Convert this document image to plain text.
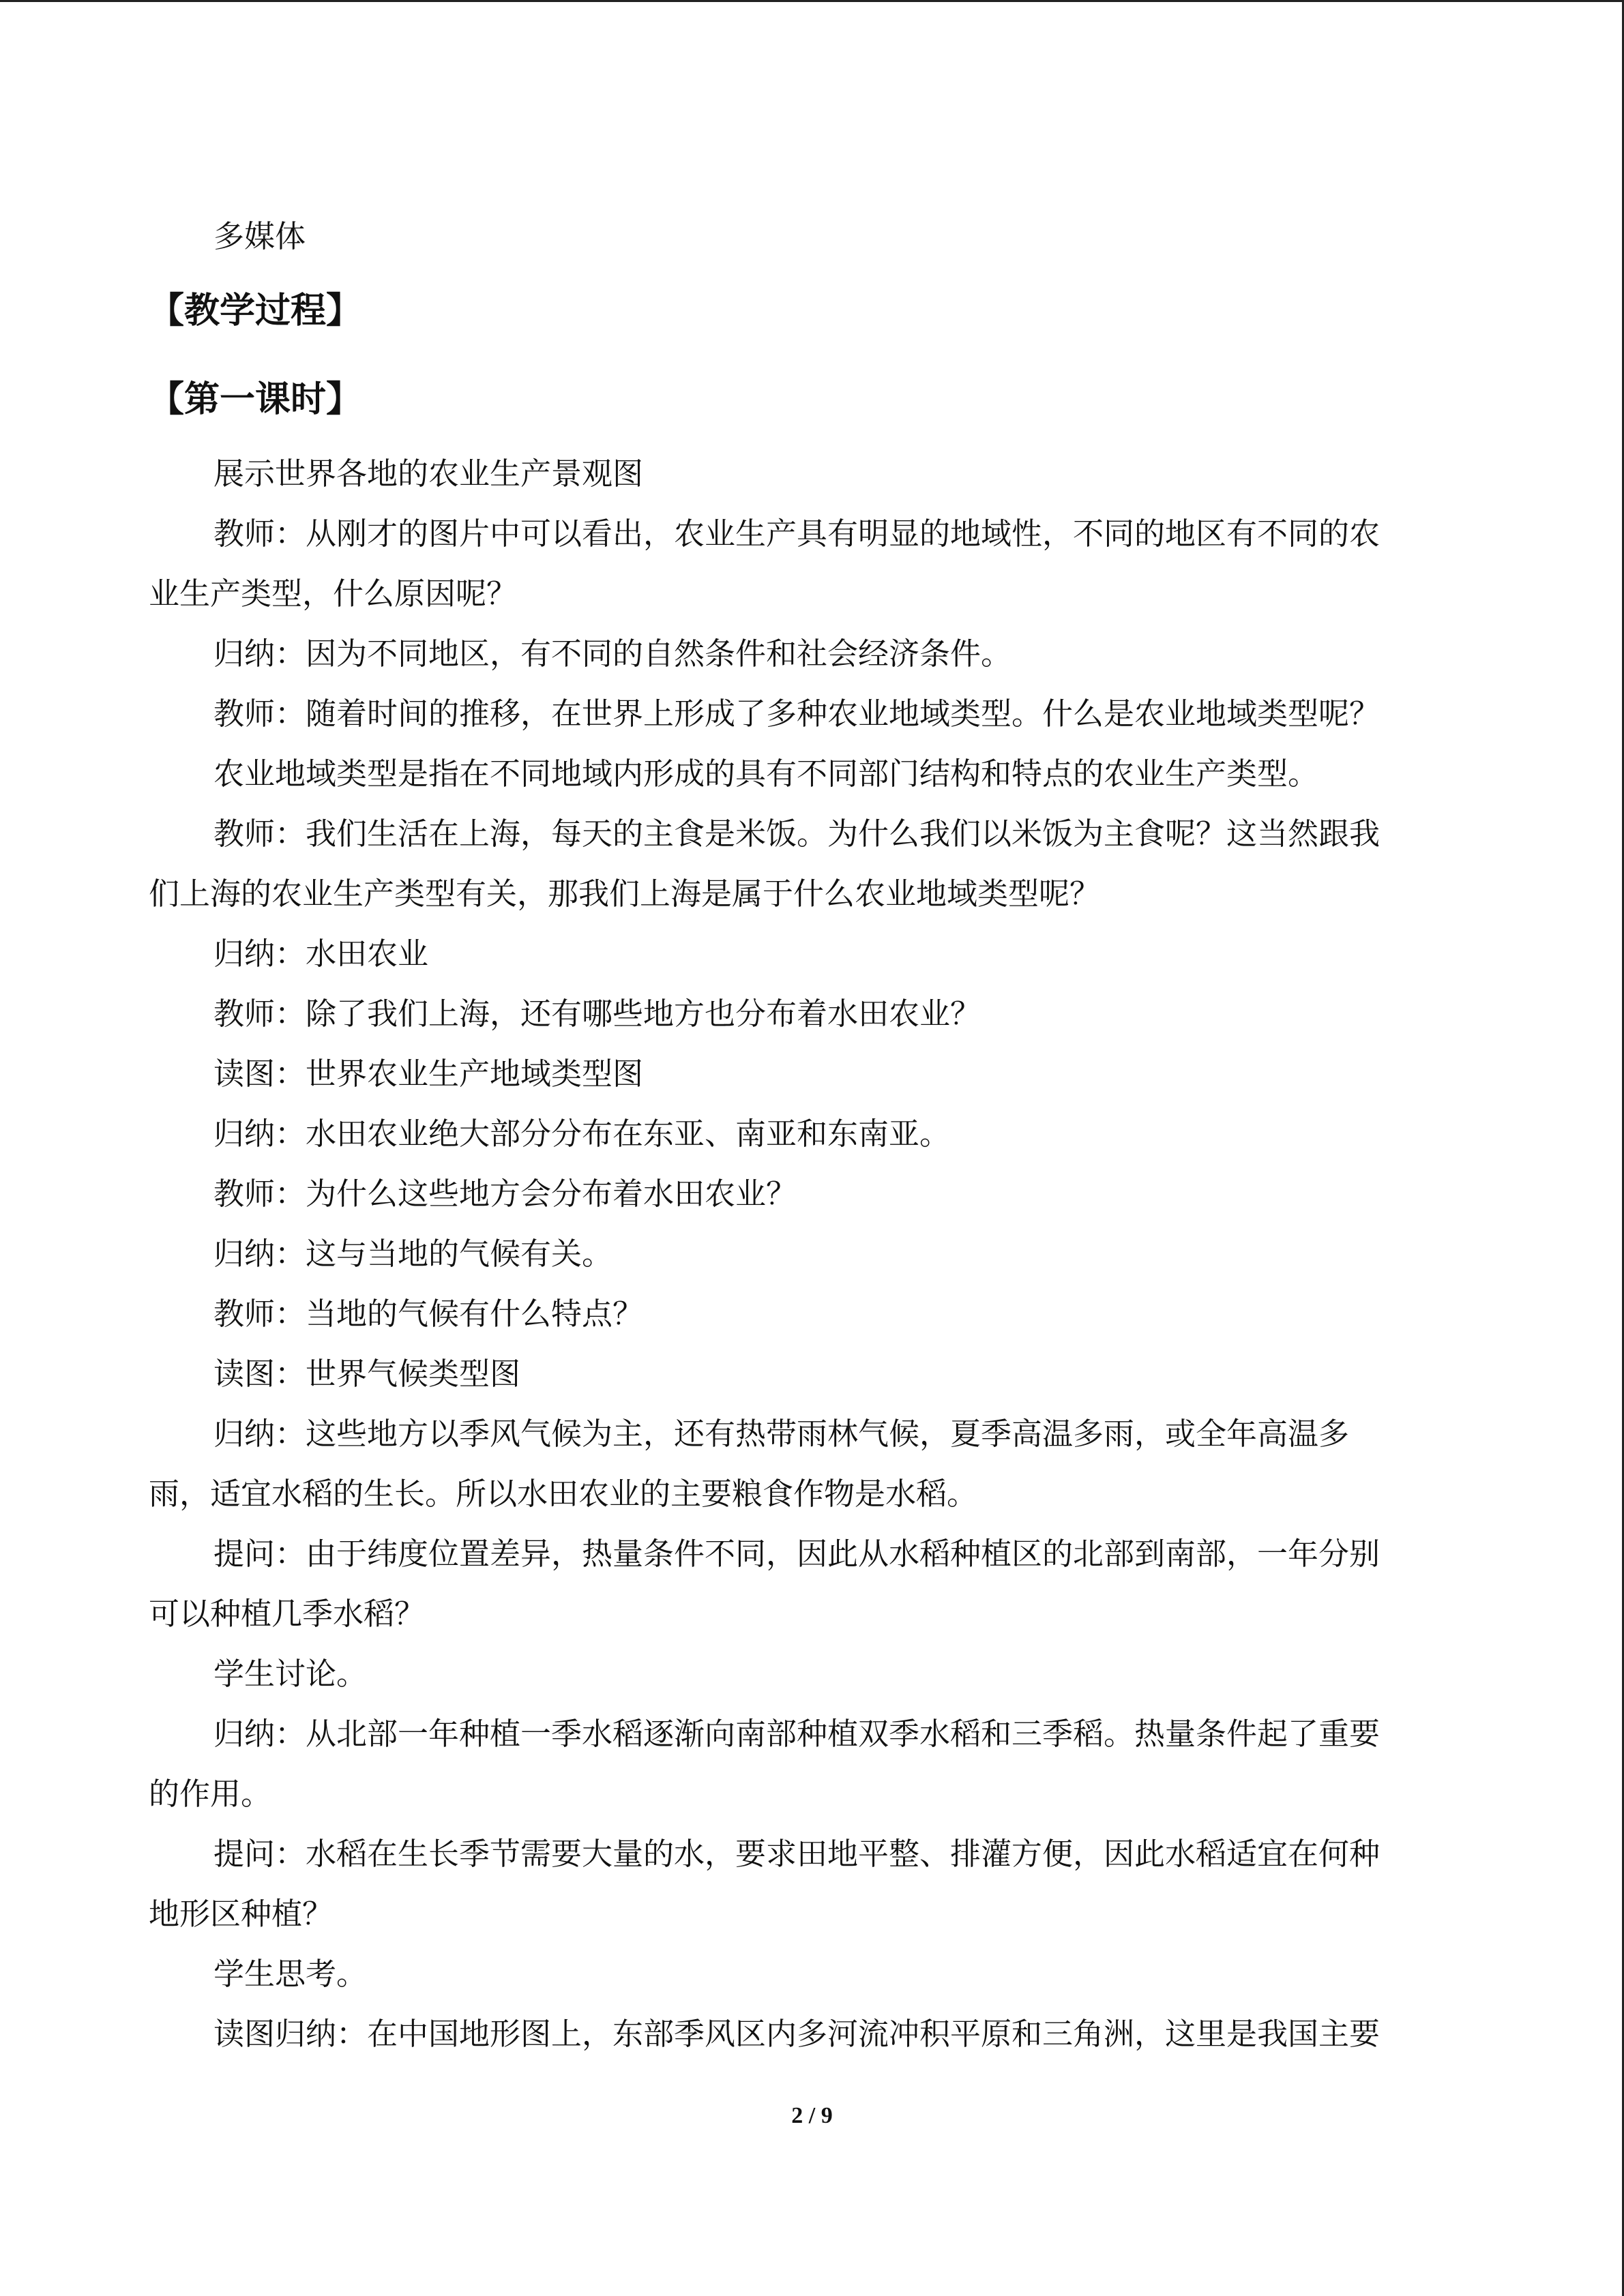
多媒体
【教学过程】
【第一课时】
展示世界各地的农业生产景观图
教师：从刚才的图片中可以看出，农业生产具有明显的地域性，不同的地区有不同的农
业生产类型，什么原因呢？
归纳：因为不同地区，有不同的自然条件和社会经济条件。
教师：随着时间的推移，在世界上形成了多种农业地域类型。什么是农业地域类型呢？
农业地域类型是指在不同地域内形成的具有不同部门结构和特点的农业生产类型。
教师：我们生活在上海，每天的主食是米饭。为什么我们以米饭为主食呢？这当然跟我
们上海的农业生产类型有关，那我们上海是属于什么农业地域类型呢？
归纳：水田农业
教师：除了我们上海，还有哪些地方也分布着水田农业？
读图：世界农业生产地域类型图
归纳：水田农业绝大部分分布在东亚、南亚和东南亚。
教师：为什么这些地方会分布着水田农业？
归纳：这与当地的气候有关。
教师：当地的气候有什么特点？
读图：世界气候类型图
归纳：这些地方以季风气候为主，还有热带雨林气候，夏季高温多雨，或全年高温多
雨，适宜水稻的生长。所以水田农业的主要粮食作物是水稻。
提问：由于纬度位置差异，热量条件不同，因此从水稻种植区的北部到南部，一年分别
可以种植几季水稻？
学生讨论。
归纳：从北部一年种植一季水稻逐渐向南部种植双季水稻和三季稻。热量条件起了重要
的作用。
提问：水稻在生长季节需要大量的水，要求田地平整、排灌方便，因此水稻适宜在何种
地形区种植？
学生思考。
读图归纳：在中国地形图上，东部季风区内多河流冲积平原和三角洲，这里是我国主要
2 / 9
